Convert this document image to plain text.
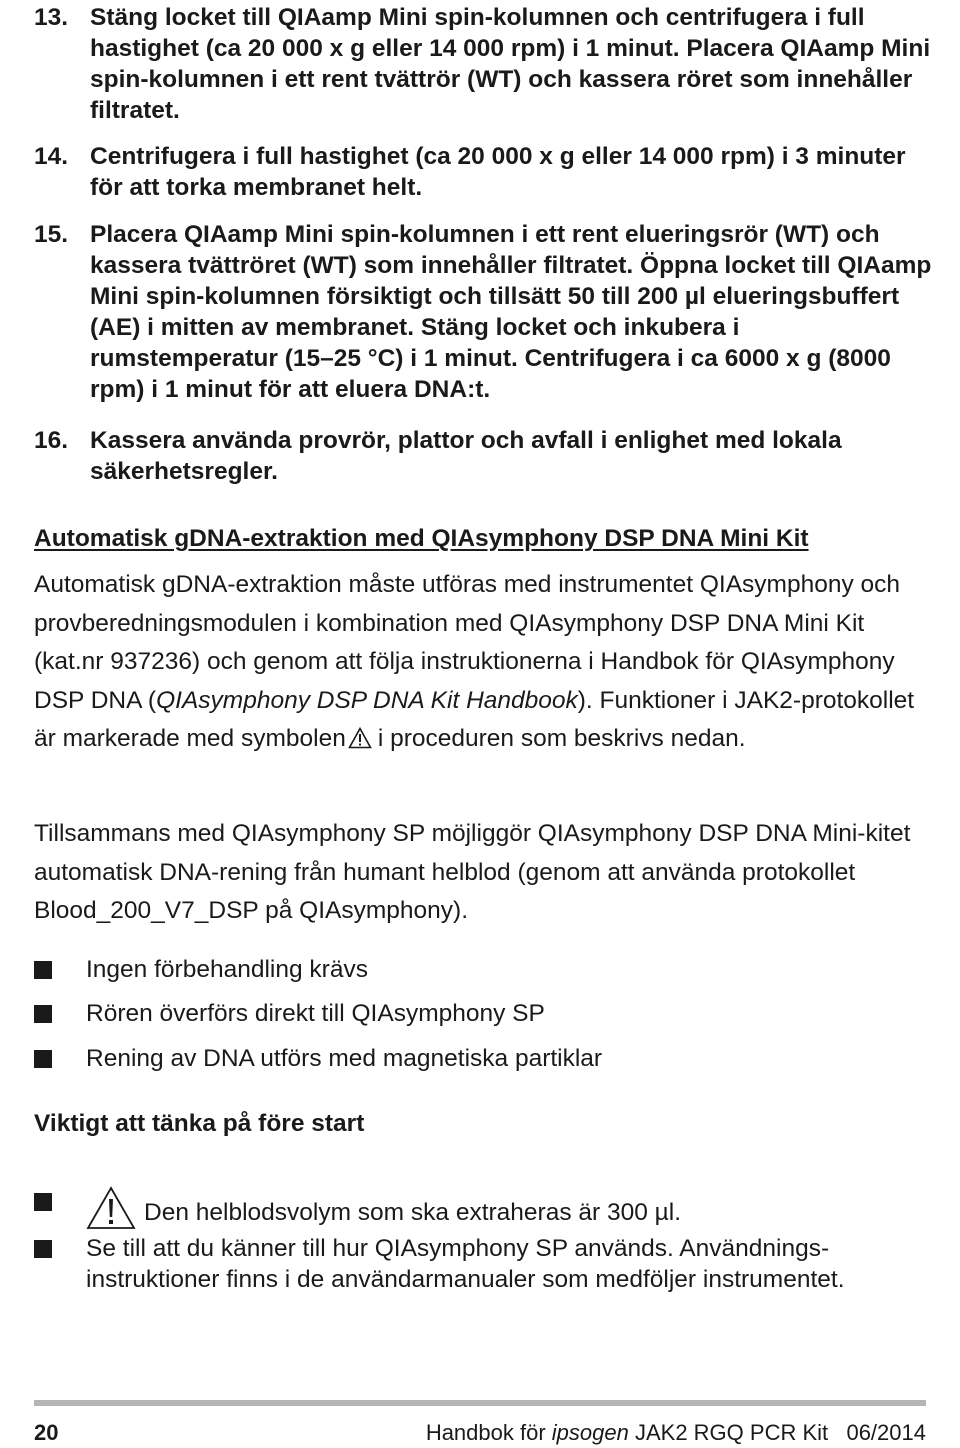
13. Stäng locket till QIAamp Mini spin-kolumnen och centrifugera i full hastighet (ca 20 000 x g eller 14 000 rpm) i 1 minut. Placera QIAamp Mini spin-kolumnen i ett rent tvättrör (WT) och kassera röret som innehåller filtratet.
14. Centrifugera i full hastighet (ca 20 000 x g eller 14 000 rpm) i 3 minuter för att torka membranet helt.
15. Placera QIAamp Mini spin-kolumnen i ett rent elueringsrör (WT) och kassera tvättröret (WT) som innehåller filtratet. Öppna locket till QIAamp Mini spin-kolumnen försiktigt och tillsätt 50 till 200 µl elueringsbuffert (AE) i mitten av membranet. Stäng locket och inkubera i rumstemperatur (15–25 °C) i 1 minut. Centrifugera i ca 6000 x g (8000 rpm) i 1 minut för att eluera DNA:t.
16. Kassera använda provrör, plattor och avfall i enlighet med lokala säkerhetsregler.
Automatisk gDNA-extraktion med QIAsymphony DSP DNA Mini Kit
Automatisk gDNA-extraktion måste utföras med instrumentet QIAsymphony och provberedningsmodulen i kombination med QIAsymphony DSP DNA Mini Kit (kat.nr 937236) och genom att följa instruktionerna i Handbok för QIAsymphony DSP DNA (QIAsymphony DSP DNA Kit Handbook). Funktioner i JAK2-protokollet är markerade med symbolen i proceduren som beskrivs nedan.
Tillsammans med QIAsymphony SP möjliggör QIAsymphony DSP DNA Mini-kitet automatisk DNA-rening från humant helblod (genom att använda protokollet Blood_200_V7_DSP på QIAsymphony).
Ingen förbehandling krävs
Rören överförs direkt till QIAsymphony SP
Rening av DNA utförs med magnetiska partiklar
Viktigt att tänka på före start
Den helblodsvolym som ska extraheras är 300 µl.
Se till att du känner till hur QIAsymphony SP används. Användnings-instruktioner finns i de användarmanualer som medföljer instrumentet.
20	Handbok för ipsogen JAK2 RGQ PCR Kit   06/2014
